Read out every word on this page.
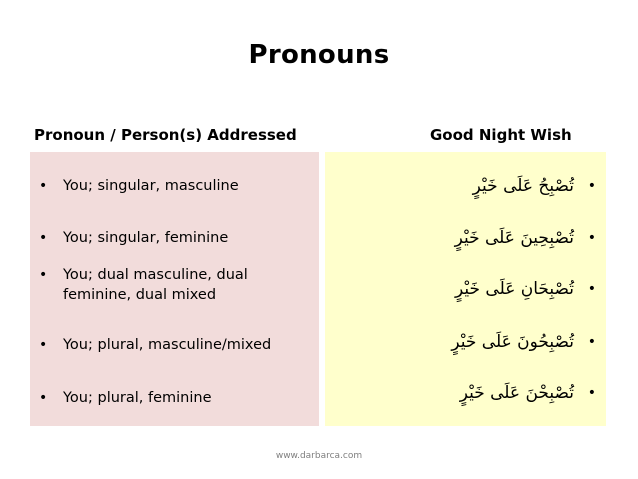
Pronouns
Pronoun / Person(s) Addressed	Good Night Wish
• You; singular, masculine
• You; singular, feminine
• You; dual masculine, dual feminine, dual mixed
• You; plural, masculine/mixed
• You; plural, feminine
تُصْبِحُ عَلَى خَيْرٍ •
تُصْبِحِينَ عَلَى خَيْرٍ •
تُصْبِحَانِ عَلَى خَيْرٍ •
تُصْبِحُونَ عَلَى خَيْرٍ •
تُصْبِحْنَ عَلَى خَيْرٍ •
www.darbarca.com
